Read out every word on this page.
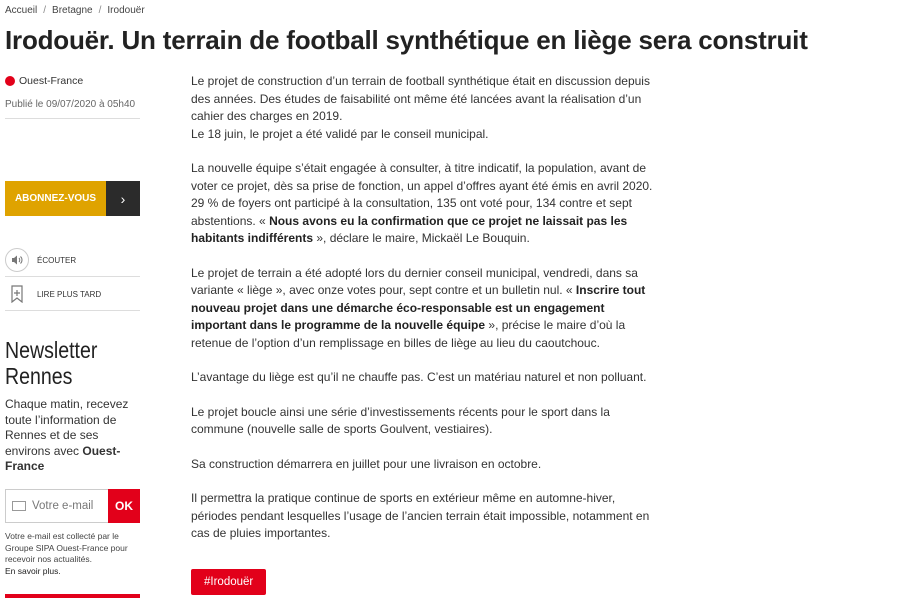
Accueil / Bretagne / Irodouër
Irodouër. Un terrain de football synthétique en liège sera construit
Ouest-France
Publié le 09/07/2020 à 05h40
ABONNEZ-VOUS	›
ÉCOUTER
LIRE PLUS TARD
Newsletter
Rennes
Chaque matin, recevez toute l’information de Rennes et de ses environs avec Ouest-France
Votre e-mail	OK
Votre e-mail est collecté par le Groupe SIPA Ouest-France pour recevoir nos actualités.
En savoir plus.

Le projet de construction d’un terrain de football synthétique était en discussion depuis des années. Des études de faisabilité ont même été lancées avant la réalisation d’un cahier des charges en 2019.
Le 18 juin, le projet a été validé par le conseil municipal.

La nouvelle équipe s’était engagée à consulter, à titre indicatif, la population, avant de voter ce projet, dès sa prise de fonction, un appel d’offres ayant été émis en avril 2020. 29 % de foyers ont participé à la consultation, 135 ont voté pour, 134 contre et sept abstentions. « Nous avons eu la confirmation que ce projet ne laissait pas les habitants indifférents », déclare le maire, Mickaël Le Bouquin.

Le projet de terrain a été adopté lors du dernier conseil municipal, vendredi, dans sa variante « liège », avec onze votes pour, sept contre et un bulletin nul. « Inscrire tout nouveau projet dans une démarche éco-responsable est un engagement important dans le programme de la nouvelle équipe », précise le maire d’où la retenue de l’option d’un remplissage en billes de liège au lieu du caoutchouc.

L’avantage du liège est qu’il ne chauffe pas. C’est un matériau naturel et non polluant.

Le projet boucle ainsi une série d’investissements récents pour le sport dans la commune (nouvelle salle de sports Goulvent, vestiaires).

Sa construction démarrera en juillet pour une livraison en octobre.

Il permettra la pratique continue de sports en extérieur même en automne-hiver, périodes pendant lesquelles l’usage de l’ancien terrain était impossible, notamment en cas de pluies importantes.

#Irodouër
